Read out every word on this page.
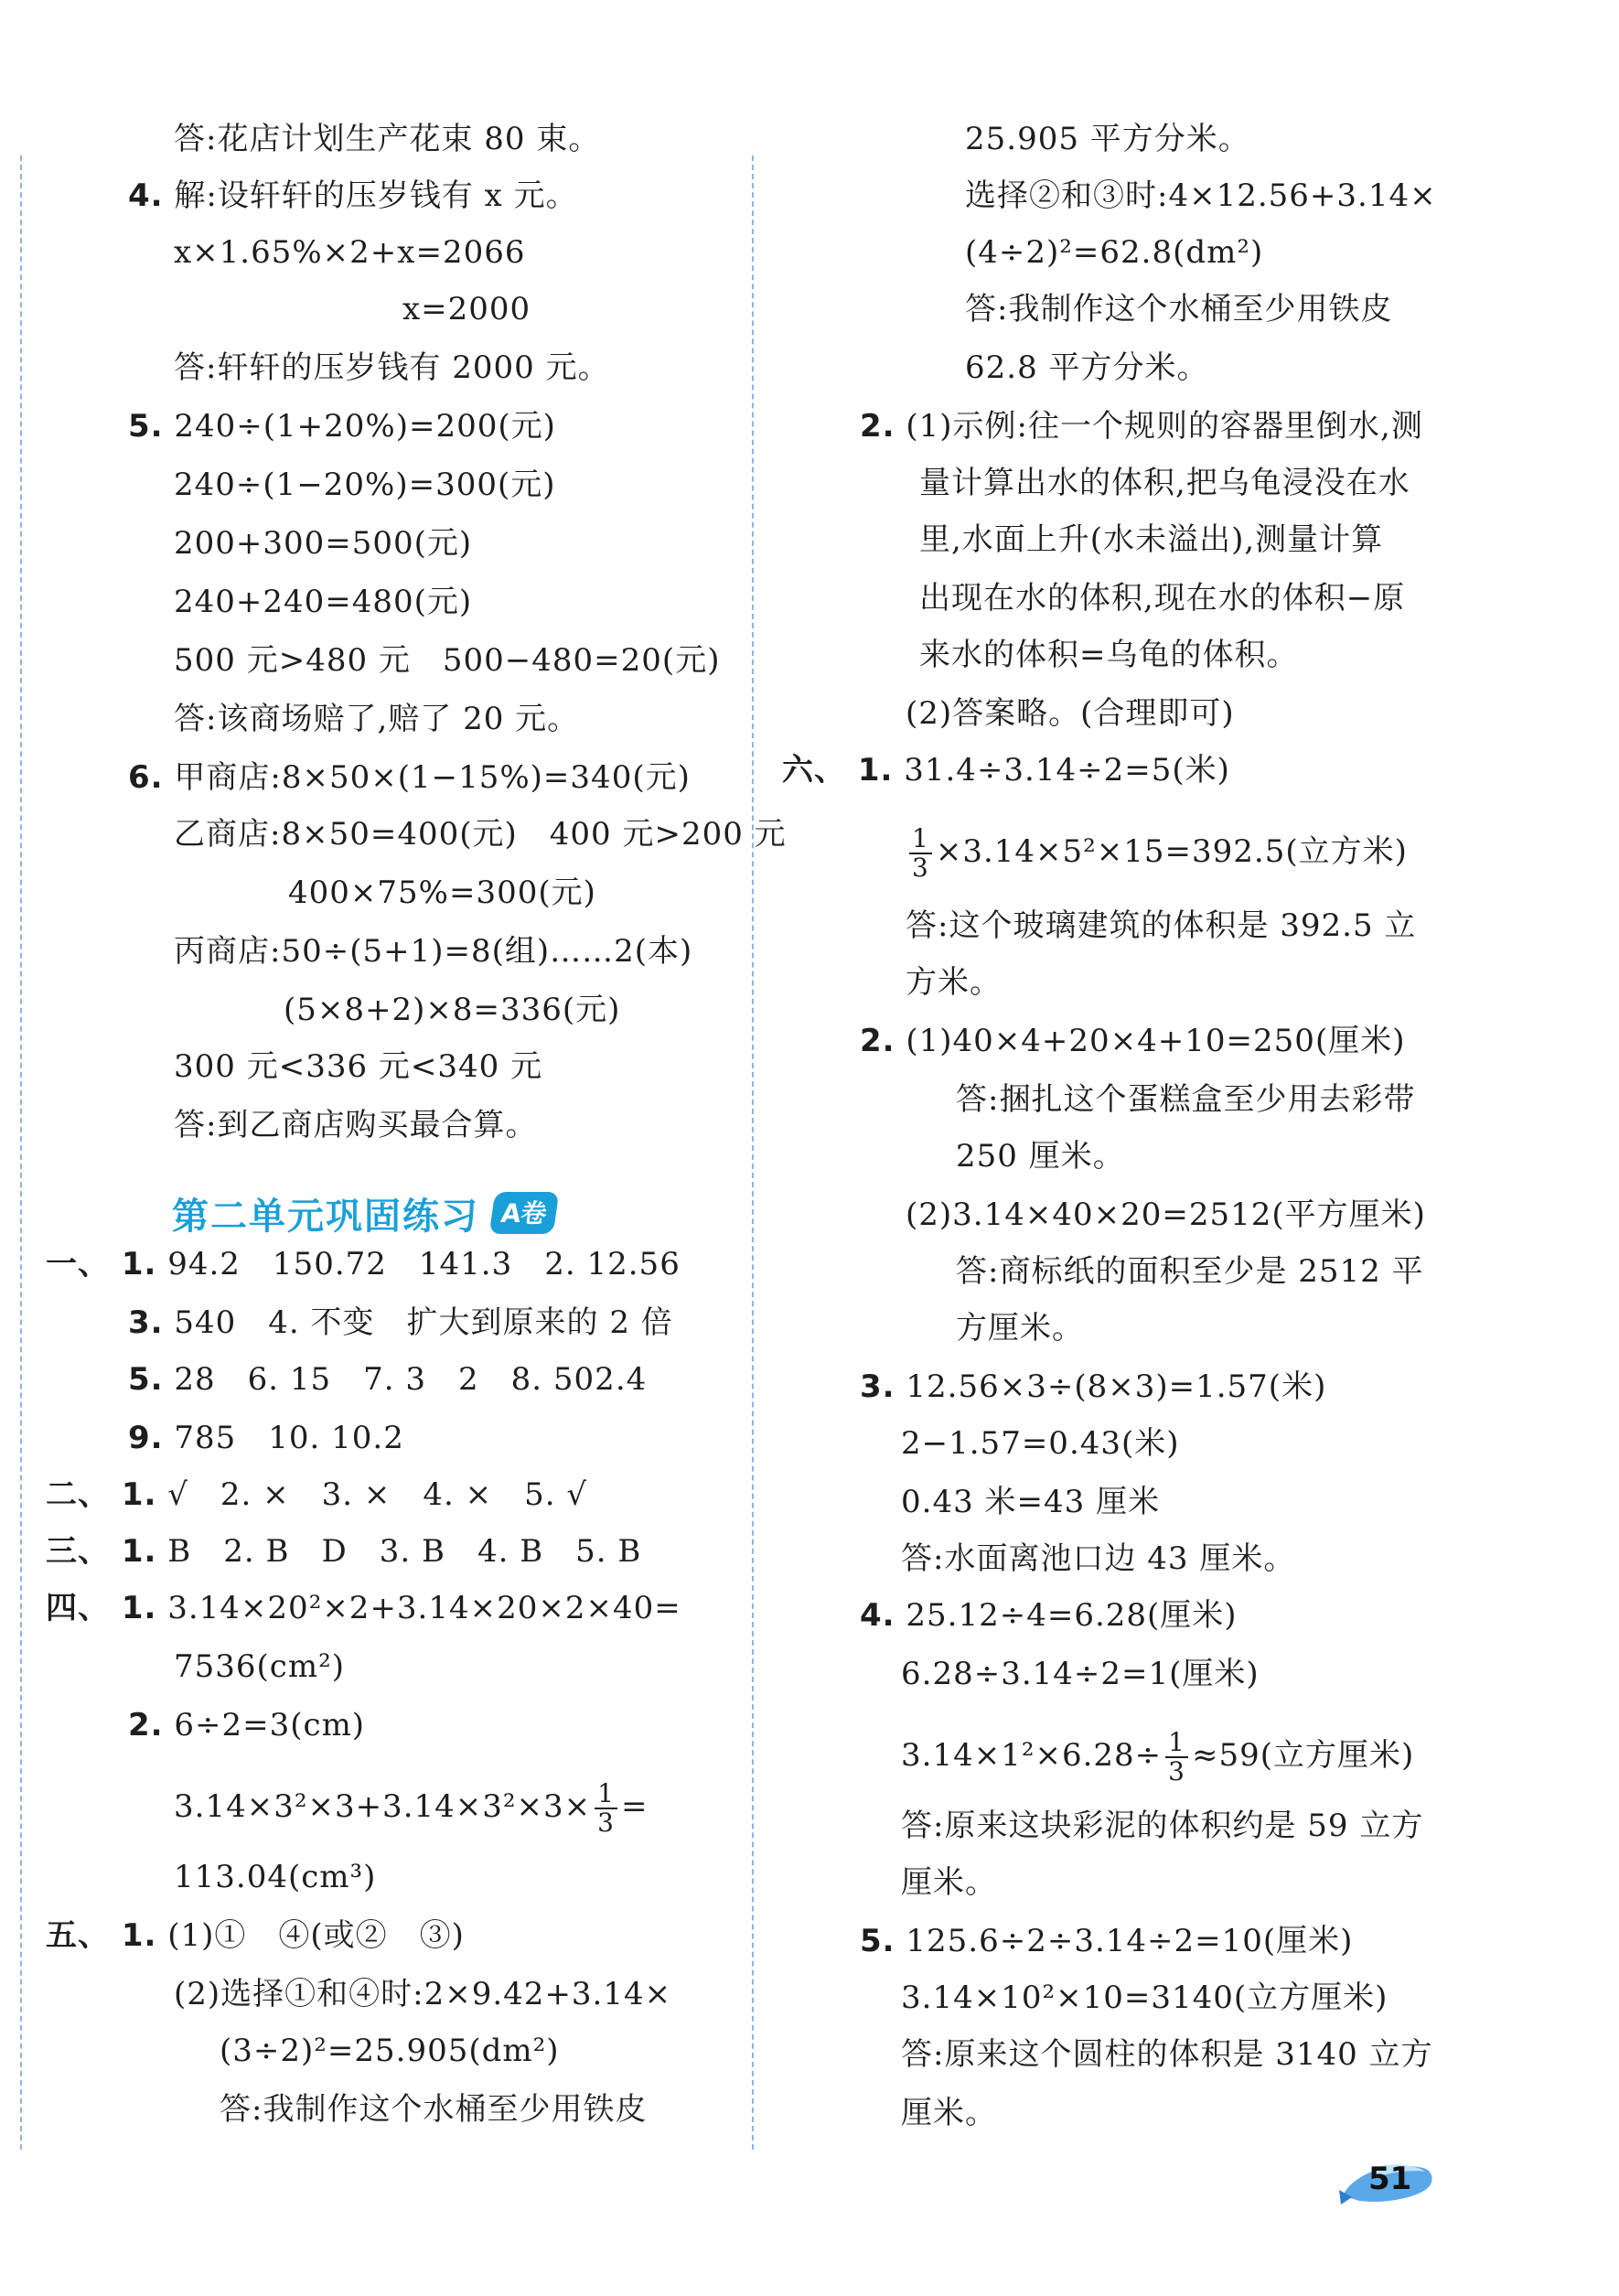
答:花店计划生产花束 80 束。
4. 解:设轩轩的压岁钱有 x 元。
x×1.65%×2+x=2066
x=2000
答:轩轩的压岁钱有 2000 元。
5. 240÷(1+20%)=200(元)
240÷(1−20%)=300(元)
200+300=500(元)
240+240=480(元)
500 元>480 元　500−480=20(元)
答:该商场赔了,赔了 20 元。
6. 甲商店:8×50×(1−15%)=340(元)
乙商店:8×50=400(元)　400 元>200 元
400×75%=300(元)
丙商店:50÷(5+1)=8(组)……2(本)
(5×8+2)×8=336(元)
300 元<336 元<340 元
答:到乙商店购买最合算。
一、 1. 94.2　150.72　141.3　2. 12.56
3. 540　4. 不变　扩大到原来的 2 倍
5. 28　6. 15　7. 3　2　8. 502.4
9. 785　10. 10.2
二、 1. √　2. ×　3. ×　4. ×　5. √
三、 1. B　2. B　D　3. B　4. B　5. B
四、 1. 3.14×20²×2+3.14×20×2×40=
7536(cm²)
2. 6÷2=3(cm)
$3.14\times 3^2\times 3+3.14\times 3^2\times 3\times \frac{1}{3}$ =
113.04(cm³)
五、 1. (1)①　④(或②　③)
(2)选择①和④时:2×9.42+3.14×
(3÷2)²=25.905(dm²)
答:我制作这个水桶至少用铁皮
25.905 平方分米。
选择②和③时:4×12.56+3.14×
(4÷2)²=62.8(dm²)
答:我制作这个水桶至少用铁皮
62.8 平方分米。
2. (1)示例:往一个规则的容器里倒水,测
量计算出水的体积,把乌龟浸没在水
里,水面上升(水未溢出),测量计算
出现在水的体积,现在水的体积−原
来水的体积=乌龟的体积。
(2)答案略。(合理即可)
六、 1. 31.4÷3.14÷2=5(米)
$\frac{1}{3} \times 3.14\times 5^2\times 15=392.5$(立方米)
答:这个玻璃建筑的体积是 392.5 立
方米。
2. (1)40×4+20×4+10=250(厘米)
答:捆扎这个蛋糕盒至少用去彩带
250 厘米。
(2)3.14×40×20=2512(平方厘米)
答:商标纸的面积至少是 2512 平
方厘米。
3. 12.56×3÷(8×3)=1.57(米)
2−1.57=0.43(米)
0.43 米=43 厘米
答:水面离池口边 43 厘米。
4. 25.12÷4=6.28(厘米)
6.28÷3.14÷2=1(厘米)
$3.14\times 1^2\times 6.28\div \frac{1}{3} \approx 59$(立方厘米)
答:原来这块彩泥的体积约是 59 立方
厘米。
5. 125.6÷2÷3.14÷2=10(厘米)
3.14×10²×10=3140(立方厘米)
答:原来这个圆柱的体积是 3140 立方
厘米。
第二单元巩固练习 A卷
51
